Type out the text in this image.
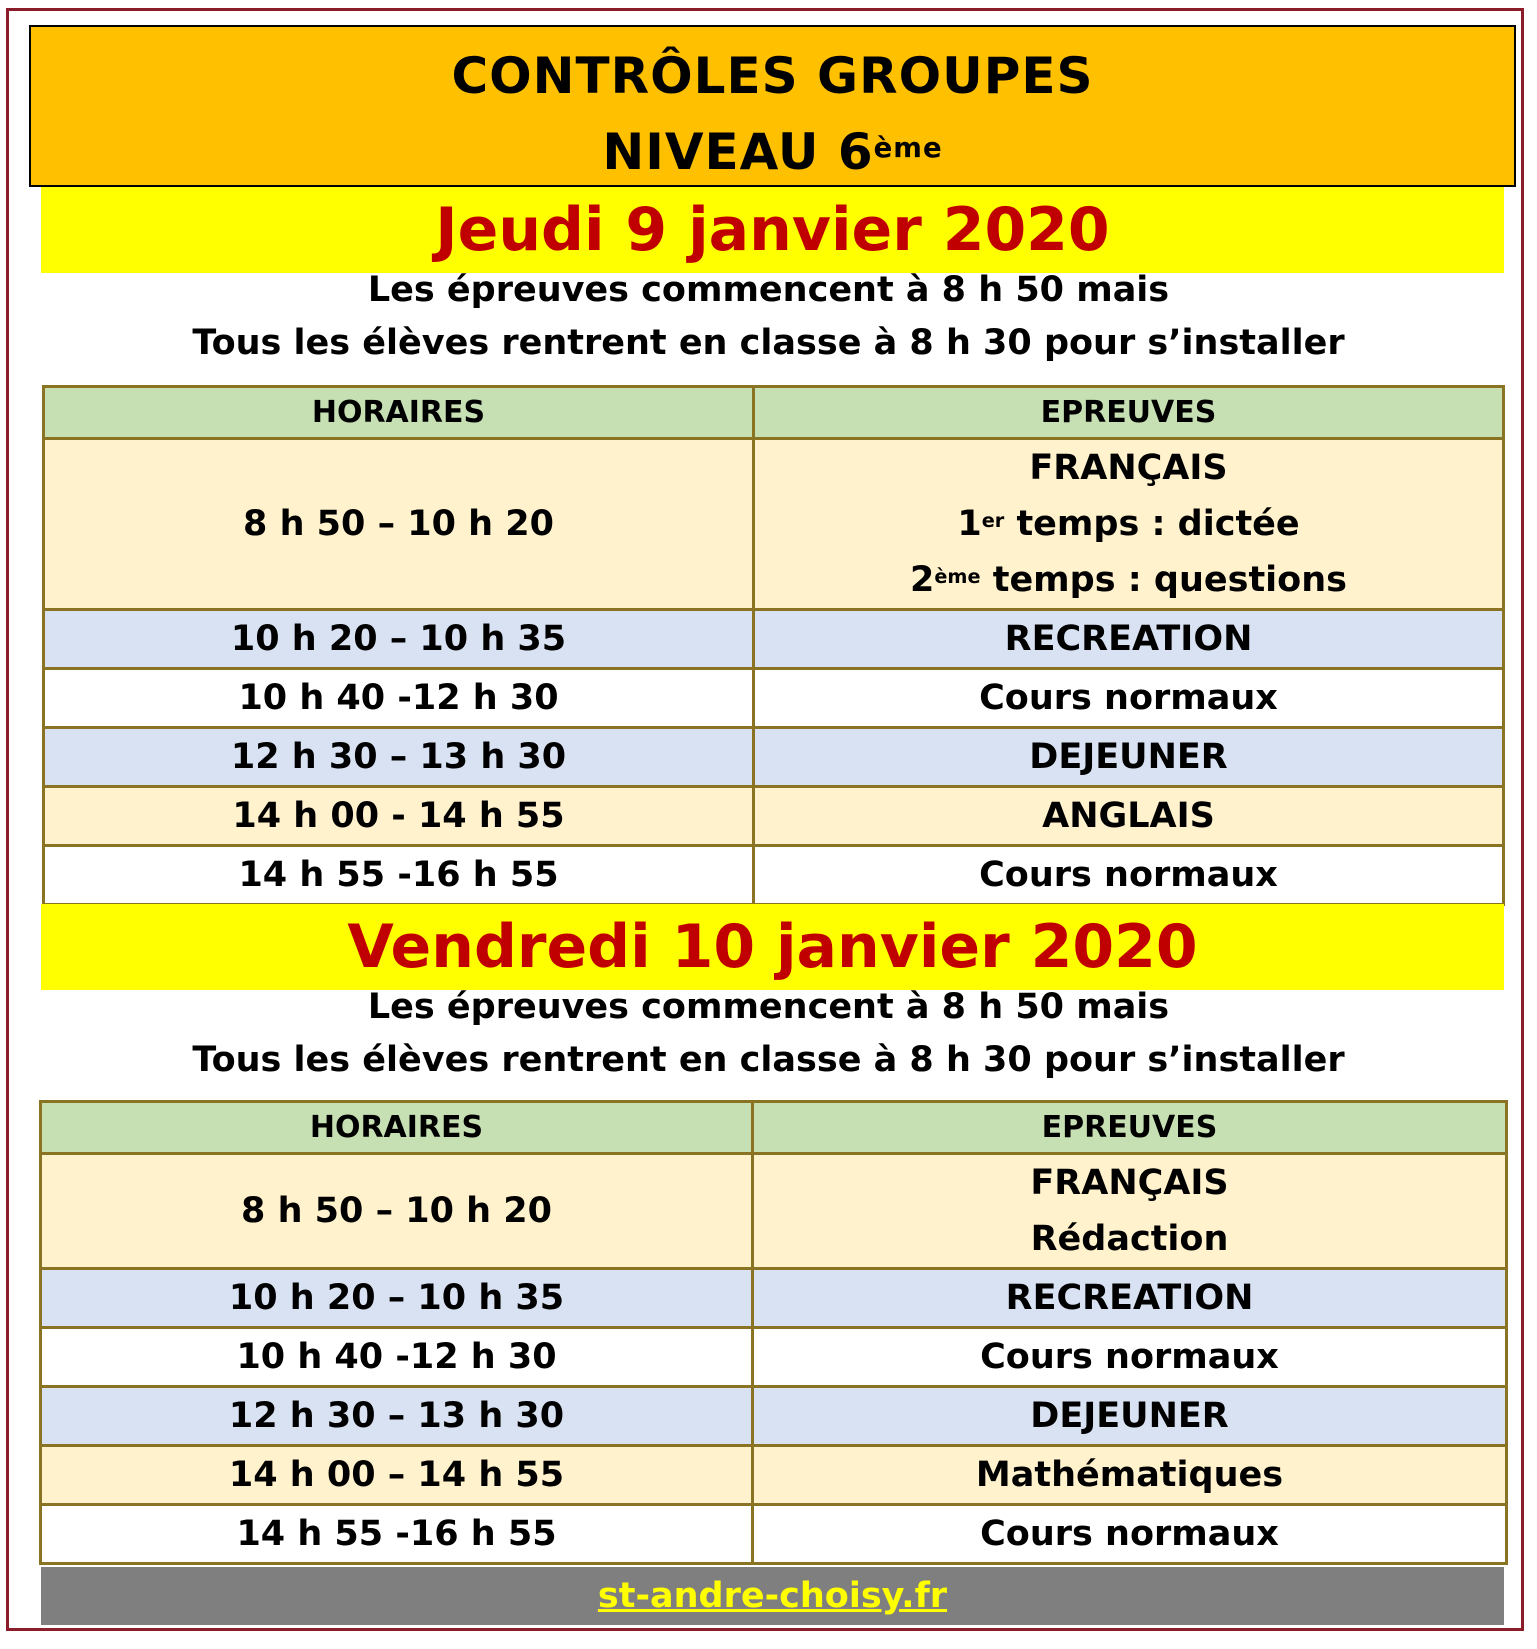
CONTRÔLES GROUPES
NIVEAU 6ème
Jeudi 9 janvier 2020
Les épreuves commencent à 8 h 50 mais
Tous les élèves rentrent en classe à 8 h 30 pour s’installer
HORAIRES	EPREUVES
8 h 50 – 10 h 20	FRANÇAIS
1er temps : dictée
2ème temps : questions

10 h 20 – 10 h 35	RECREATION
10 h 40 -12 h 30	Cours normaux
12 h 30 – 13 h 30	DEJEUNER
14 h 00 - 14 h 55	ANGLAIS
14 h 55 -16 h 55	Cours normaux
Vendredi 10 janvier 2020
Les épreuves commencent à 8 h 50 mais
Tous les élèves rentrent en classe à 8 h 30 pour s’installer
HORAIRES	EPREUVES
8 h 50 – 10 h 20	FRANÇAIS
Rédaction

10 h 20 – 10 h 35	RECREATION
10 h 40 -12 h 30	Cours normaux
12 h 30 – 13 h 30	DEJEUNER
14 h 00 – 14 h 55	Mathématiques
14 h 55 -16 h 55	Cours normaux
st-andre-choisy.fr
